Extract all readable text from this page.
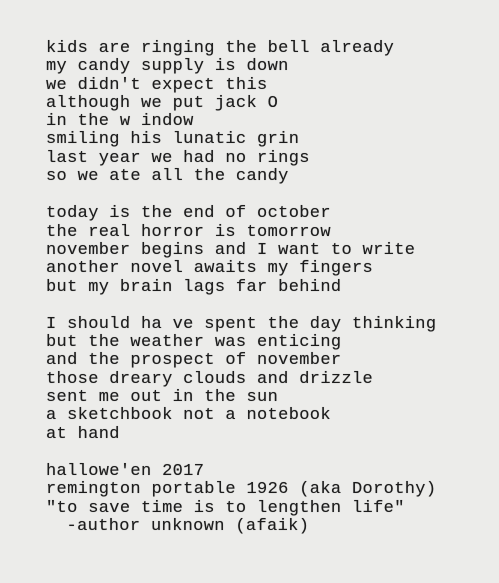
kids are ringing the bell already
my candy supply is down
we didn't expect this
although we put jack O
in the w indow
smiling his lunatic grin
last year we had no rings
so we ate all the candy
today is the end of october
the real horror is tomorrow
november begins and I want to write
another novel awaits my fingers
but my brain lags far behind
I should ha ve spent the day thinking
but the weather was enticing
and the prospect of november
those dreary clouds and drizzle
sent me out in the sun
a sketchbook not a notebook
at hand
hallowe'en 2017
remington portable 1926 (aka Dorothy)
"to save time is to lengthen life"
-author unknown (afaik)
